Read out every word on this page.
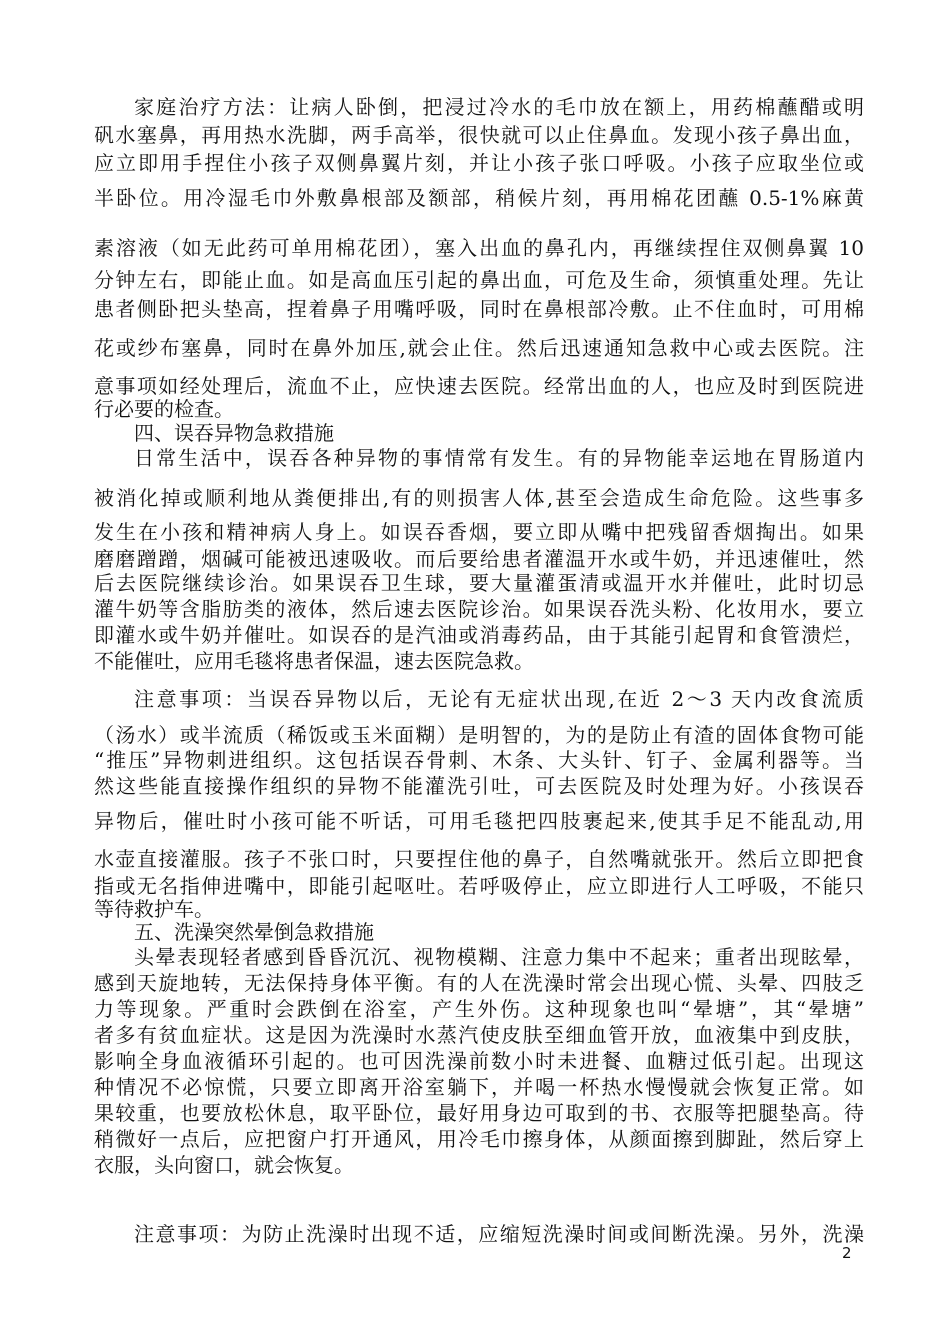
家庭治疗方法：让病人卧倒，把浸过冷水的毛巾放在额上，用药棉蘸醋或明
矾水塞鼻，再用热水洗脚，两手高举，很快就可以止住鼻血。发现小孩子鼻出血，
应立即用手捏住小孩子双侧鼻翼片刻，并让小孩子张口呼吸。小孩子应取坐位或
半卧位。用冷湿毛巾外敷鼻根部及额部，稍候片刻，再用棉花团蘸 0.5-1%麻黄
素溶液（如无此药可单用棉花团），塞入出血的鼻孔内，再继续捏住双侧鼻翼 10
分钟左右，即能止血。如是高血压引起的鼻出血，可危及生命，须慎重处理。先让
患者侧卧把头垫高，捏着鼻子用嘴呼吸，同时在鼻根部冷敷。止不住血时，可用棉
花或纱布塞鼻，同时在鼻外加压,就会止住。然后迅速通知急救中心或去医院。注
意事项如经处理后，流血不止，应快速去医院。经常出血的人，也应及时到医院进
行必要的检查。
四、误吞异物急救措施
日常生活中，误吞各种异物的事情常有发生。有的异物能幸运地在胃肠道内
被消化掉或顺利地从粪便排出,有的则损害人体,甚至会造成生命危险。这些事多
发生在小孩和精神病人身上。如误吞香烟，要立即从嘴中把残留香烟掏出。如果
磨磨蹭蹭，烟碱可能被迅速吸收。而后要给患者灌温开水或牛奶，并迅速催吐，然
后去医院继续诊治。如果误吞卫生球，要大量灌蛋清或温开水并催吐，此时切忌
灌牛奶等含脂肪类的液体，然后速去医院诊治。如果误吞洗头粉、化妆用水，要立
即灌水或牛奶并催吐。如误吞的是汽油或消毒药品，由于其能引起胃和食管溃烂，
不能催吐，应用毛毯将患者保温，速去医院急救。
注意事项：当误吞异物以后，无论有无症状出现,在近 2～3 天内改食流质
（汤水）或半流质（稀饭或玉米面糊）是明智的，为的是防止有渣的固体食物可能
“推压”异物刺进组织。这包括误吞骨刺、木条、大头针、钉子、金属利器等。当
然这些能直接操作组织的异物不能灌洗引吐，可去医院及时处理为好。小孩误吞
异物后，催吐时小孩可能不听话，可用毛毯把四肢裹起来,使其手足不能乱动,用
水壶直接灌服。孩子不张口时，只要捏住他的鼻子，自然嘴就张开。然后立即把食
指或无名指伸进嘴中，即能引起呕吐。若呼吸停止，应立即进行人工呼吸，不能只
等待救护车。
五、洗澡突然晕倒急救措施
头晕表现轻者感到昏昏沉沉、视物模糊、注意力集中不起来；重者出现眩晕，
感到天旋地转，无法保持身体平衡。有的人在洗澡时常会出现心慌、头晕、四肢乏
力等现象。严重时会跌倒在浴室，产生外伤。这种现象也叫“晕塘”，其“晕塘”
者多有贫血症状。这是因为洗澡时水蒸汽使皮肤至细血管开放，血液集中到皮肤，
影响全身血液循环引起的。也可因洗澡前数小时未进餐、血糖过低引起。出现这
种情况不必惊慌，只要立即离开浴室躺下，并喝一杯热水慢慢就会恢复正常。如
果较重，也要放松休息，取平卧位，最好用身边可取到的书、衣服等把腿垫高。待
稍微好一点后，应把窗户打开通风，用冷毛巾擦身体，从颜面擦到脚趾，然后穿上
衣服，头向窗口，就会恢复。
注意事项：为防止洗澡时出现不适，应缩短洗澡时间或间断洗澡。另外，洗澡
2
